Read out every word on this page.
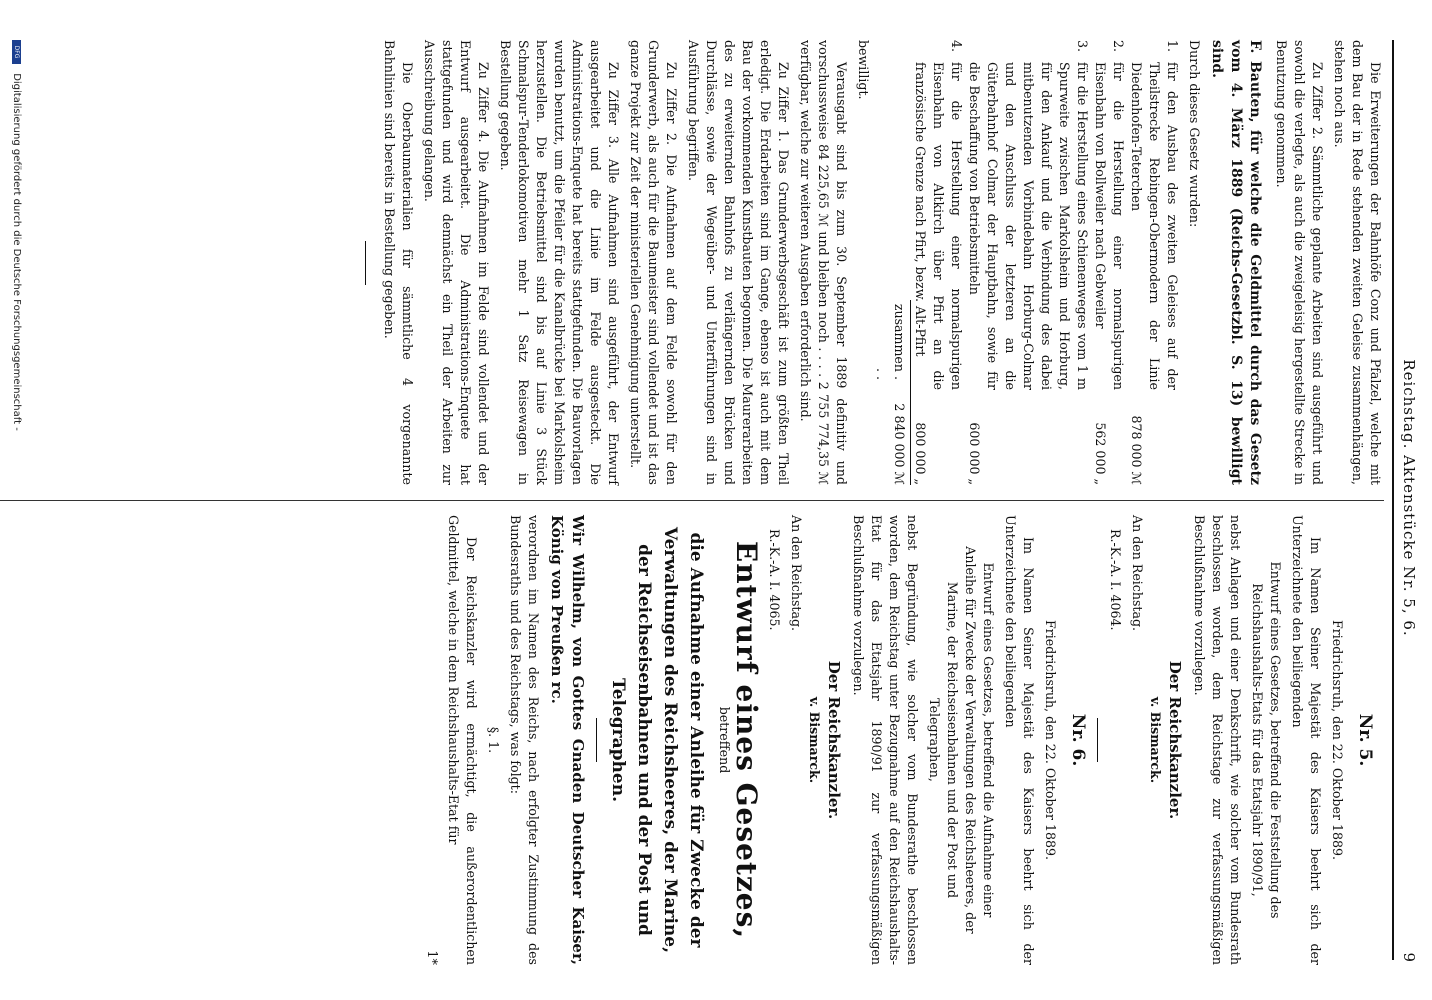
Reichstag. Aktenstücke Nr. 5, 6.
9

Die Erweiterungen der Bahnhöfe Conz und Pfalzel, welche mit dem Bau der in Rede stehenden zweiten Geleise zusammenhängen, stehen noch aus.

Zu Ziffer 2. Sämmtliche geplante Arbeiten sind ausgeführt und sowohl die verlegte, als auch die zweigeleisig hergestellte Strecke in Benutzung genommen.

F. Bauten, für welche die Geldmittel durch das Gesetz vom 4. März 1889 (Reichs-Gesetzbl. S. 13) bewilligt sind.

Durch dieses Gesetz wurden:

1.
für den Ausbau des zweiten Geleises auf der Theilstrecke Rebingen-Obermodern der Linie Diedenhofen-Teterchen
878 000 ℳ
2.
für die Herstellung einer normalspurigen Eisenbahn von Bollweiler nach Gebweiler
562 000 „
3.
für die Herstellung eines Schienenweges vom 1 m Spurweite zwischen Markolsheim und Horburg, für den Ankauf und die Verbindung des dabei mitbenutzenden Vorbindebahn Horburg-Colmar und den Anschluss der letzteren an die Güterbahnhof Colmar der Hauptbahn, sowie für die Beschaffung von Betriebsmitteln
600 000 „
4.
für die Herstellung einer normalspurigen Eisenbahn von Altkirch über Pfirt an die französische Grenze nach Pfirt, bezw. Alt-Pfirt
800 000 „
zusammen . . .
2 840 000 ℳ

bewilligt.

Verausgabt sind bis zum 30. September 1889 definitiv und vorschussweise 84 225,65 ℳ und bleiben noch . . . . 2 755 774,35 ℳ verfügbar, welche zur weiteren Ausgaben erforderlich sind.

Zu Ziffer 1. Das Grunderwerbsgeschäft ist zum größten Theil erledigt. Die Erdarbeiten sind im Gange, ebenso ist auch mit dem Bau der vorkommenden Kunstbauten begonnen. Die Maurerarbeiten des zu erweiternden Bahnhofs zu verlängernden Brücken und Durchlässe, sowie der Wegeüber- und Unterführungen sind in Ausführung begriffen.

Zu Ziffer 2. Die Aufnahmen auf dem Felde sowohl für den Grunderwerb, als auch für die Baumeister sind vollendet und ist das ganze Projekt zur Zeit der ministeriellen Genehmigung unterstellt.

Zu Ziffer 3. Alle Aufnahmen sind ausgeführt, der Entwurf ausgearbeitet und die Linie im Felde ausgesteckt. Die Administrations-Enquete hat bereits stattgefunden. Die Bauvorlagen wurden benutzt, um die Pfeiler für die Kanalbrücke bei Markolsheim herzustellen. Die Betriebsmittel sind bis auf Linie 3 Stück Schmalspur-Tenderlokomotiven mehr 1 Satz Reisewagen in Bestellung gegeben.

Zu Ziffer 4. Die Aufnahmen im Felde sind vollendet und der Entwurf ausgearbeitet. Die Administrations-Enquete hat stattgefunden und wird demnächst ein Theil der Arbeiten zur Ausschreibung gelangen.

Die Oberbaumaterialien für sämmtliche 4 vorgenannte Bahnlinien sind bereits in Bestellung gegeben.

Nr. 5.

Friedrichsruh, den 22. Oktober 1889.

Im Namen Seiner Majestät des Kaisers beehrt sich der Unterzeichnete den beiliegenden

Entwurf eines Gesetzes, betreffend die Feststellung des Reichshaushalts-Etats für das Etatsjahr 1890/91,

nebst Anlagen und einer Denkschrift, wie solcher vom Bundesrath beschlossen worden, dem Reichstage zur verfassungsmäßigen Beschlußnahme vorzulegen.

Der Reichskanzler.
v. Bismarck.

An den Reichstag.

R.-K.-A. I. 4064.

Nr. 6.

Friedrichsruh, den 22. Oktober 1889.

Im Namen Seiner Majestät des Kaisers beehrt sich der Unterzeichnete den beiliegenden

Entwurf eines Gesetzes, betreffend die Aufnahme einer Anleihe für Zwecke der Verwaltungen des Reichsheeres, der Marine, der Reichseisenbahnen und der Post und Telegraphen,

nebst Begründung, wie solcher vom Bundesrathe beschlossen worden, dem Reichstag unter Bezugnahme auf den Reichshaushalts-Etat für das Etatsjahr 1890/91 zur verfassungsmäßigen Beschlußnahme vorzulegen.

Der Reichskanzler.
v. Bismarck.

An den Reichstag.

R.-K.-A. I. 4065.

Entwurf eines Gesetzes,

betreffend

die Aufnahme einer Anleihe für Zwecke der Verwaltungen des Reichsheeres, der Marine, der Reichseisenbahnen und der Post und Telegraphen.

Wir Wilhelm, von Gottes Gnaden Deutscher Kaiser, König von Preußen rc.

verordnen im Namen des Reichs, nach erfolgter Zustimmung des Bundesraths und des Reichstags, was folgt:

§. 1.

Der Reichskanzler wird ermächtigt, die außerordentlichen Geldmittel, welche in dem Reichshaushalts-Etat für

1*
DFG Digitalisierung gefördert durch die Deutsche Forschungsgemeinschaft -
